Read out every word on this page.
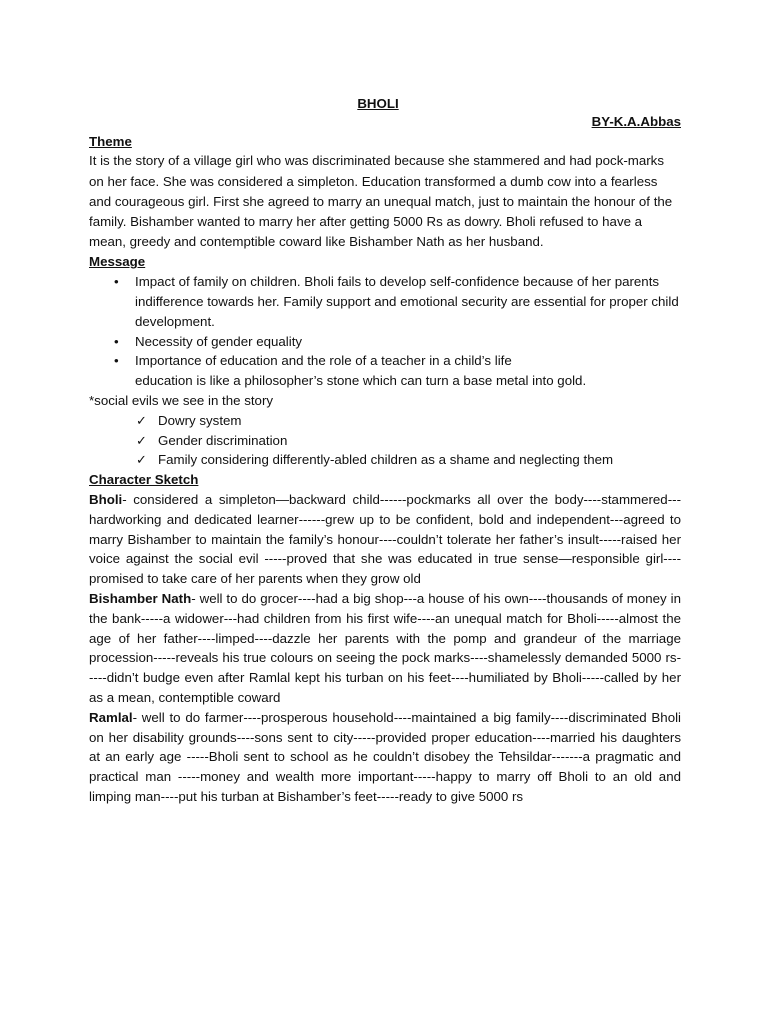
BHOLI
BY-K.A.Abbas
Theme

It is the story of a village girl who was discriminated because she stammered and had pock-marks on her face. She was considered a simpleton. Education transformed a dumb cow into a fearless and courageous girl. First she agreed to marry an unequal match, just to maintain the honour of the family. Bishamber wanted to marry her after getting 5000 Rs as dowry. Bholi refused to have a mean, greedy and contemptible coward like Bishamber Nath as her husband.

Message
• Impact of family on children. Bholi fails to develop self-confidence because of her parents indifference towards her. Family support and emotional security are essential for proper child development.
• Necessity of gender equality
• Importance of education and the role of a teacher in a child’s life

education is like a philosopher’s stone which can turn a base metal into gold.

*social evils we see in the story

✓ Dowry system
✓ Gender discrimination
✓ Family considering differently-abled children as a shame and neglecting them
Character Sketch

Bholi- considered a simpleton—backward child------pockmarks all over the body----stammered---hardworking and dedicated learner------grew up to be confident, bold and independent---agreed to marry Bishamber to maintain the family’s honour----couldn’t tolerate her father’s insult-----raised her voice against the social evil -----proved that she was educated in true sense—responsible girl---- promised to take care of her parents when they grow old

Bishamber Nath- well to do grocer----had a big shop---a house of his own----thousands of money in the bank-----a widower---had children from his first wife----an unequal match for Bholi-----almost the age of her father----limped----dazzle her parents with the pomp and grandeur of the marriage procession-----reveals his true colours on seeing the pock marks----shamelessly demanded 5000 rs-----didn’t budge even after Ramlal kept his turban on his feet----humiliated by Bholi-----called by her as a mean, contemptible coward

Ramlal- well to do farmer----prosperous household----maintained a big family----discriminated Bholi on her disability grounds----sons sent to city-----provided proper education----married his daughters at an early age -----Bholi sent to school as he couldn’t disobey the Tehsildar-------a pragmatic and practical man -----money and wealth more important-----happy to marry off Bholi to an old and limping man----put his turban at Bishamber’s feet-----ready to give 5000 rs
